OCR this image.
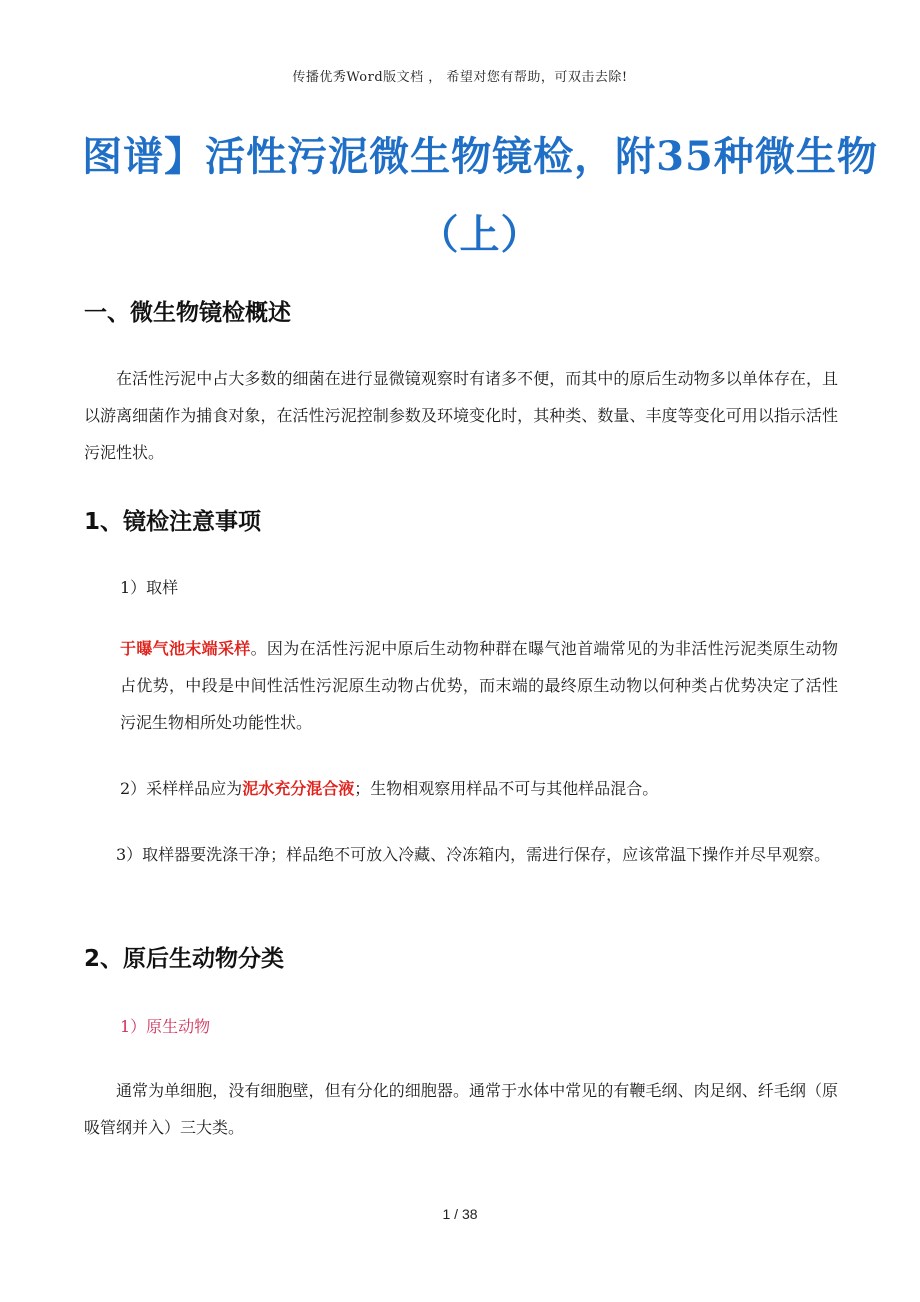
传播优秀Word版文档 ， 希望对您有帮助，可双击去除!
图谱】活性污泥微生物镜检，附35种微生物（上）
一、微生物镜检概述
在活性污泥中占大多数的细菌在进行显微镜观察时有诸多不便，而其中的原后生动物多以单体存在，且以游离细菌作为捕食对象，在活性污泥控制参数及环境变化时，其种类、数量、丰度等变化可用以指示活性污泥性状。
1、镜检注意事项
1）取样
于曝气池末端采样。因为在活性污泥中原后生动物种群在曝气池首端常见的为非活性污泥类原生动物占优势，中段是中间性活性污泥原生动物占优势，而末端的最终原生动物以何种类占优势决定了活性污泥生物相所处功能性状。
2）采样样品应为泥水充分混合液；生物相观察用样品不可与其他样品混合。
3）取样器要洗涤干净；样品绝不可放入冷藏、冷冻箱内，需进行保存，应该常温下操作并尽早观察。
2、原后生动物分类
1）原生动物
通常为单细胞，没有细胞壁，但有分化的细胞器。通常于水体中常见的有鞭毛纲、肉足纲、纤毛纲（原吸管纲并入）三大类。
1 / 38
